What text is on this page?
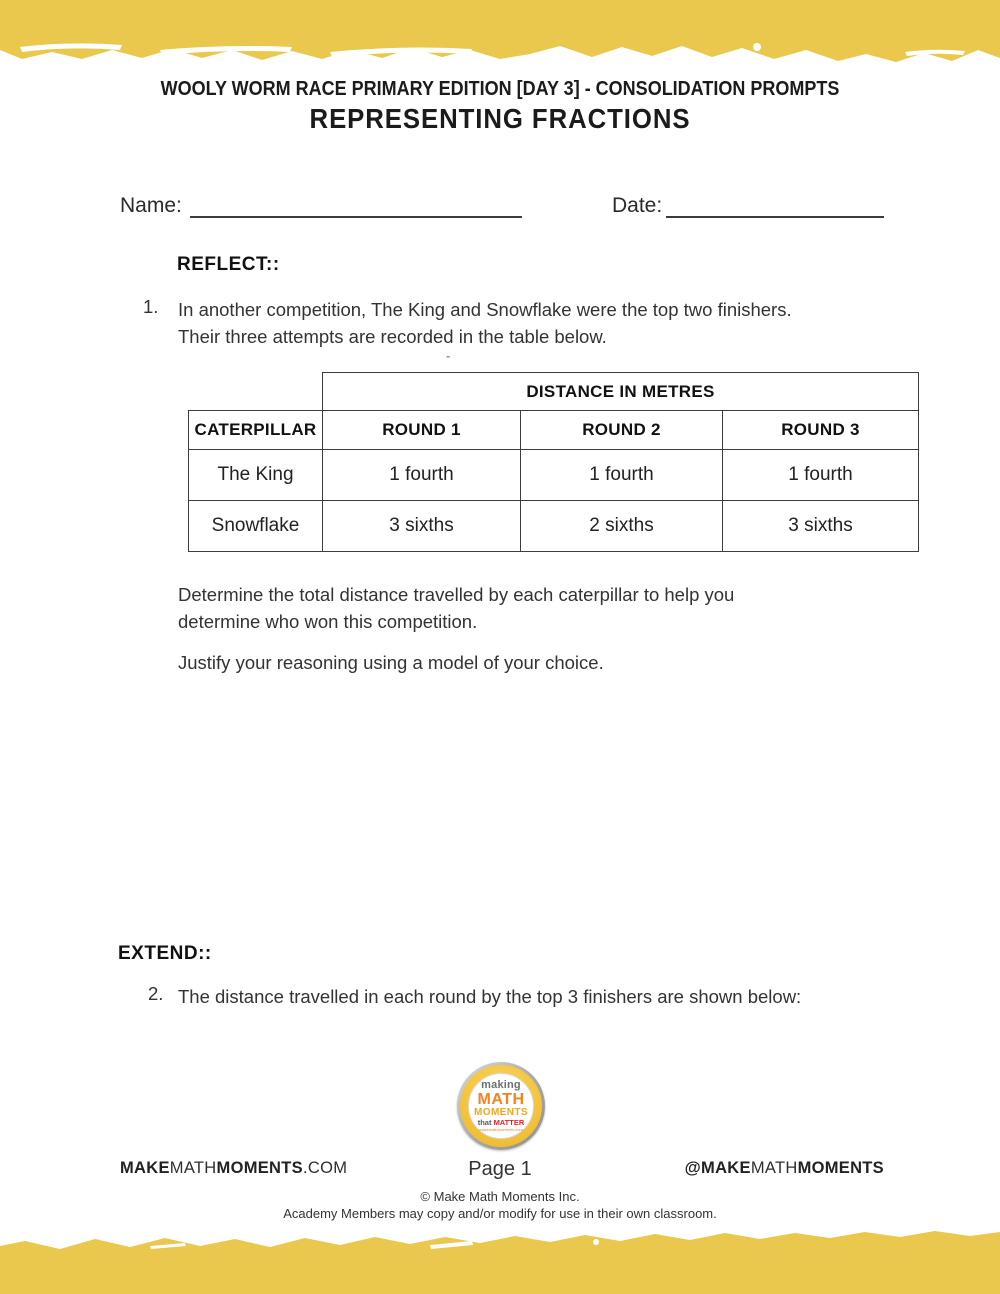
WOOLY WORM RACE PRIMARY EDITION [DAY 3] - CONSOLIDATION PROMPTS
REPRESENTING FRACTIONS
Name:	Date:
REFLECT::
1. In another competition, The King and Snowflake were the top two finishers.
Their three attempts are recorded in the table below.
-
	DISTANCE IN METRES		
CATERPILLAR	ROUND 1	ROUND 2	ROUND 3
The King	1 fourth	1 fourth	1 fourth
Snowflake	3 sixths	2 sixths	3 sixths
Determine the total distance travelled by each caterpillar to help you
determine who won this competition.
Justify your reasoning using a model of your choice.
EXTEND::
2. The distance travelled in each round by the top 3 finishers are shown below:
making
MATH
MOMENTS
that MATTER
makemathmoments.com
MAKEMATHMOMENTS.COM	Page 1	@MAKEMATHMOMENTS
© Make Math Moments Inc.
Academy Members may copy and/or modify for use in their own classroom.
